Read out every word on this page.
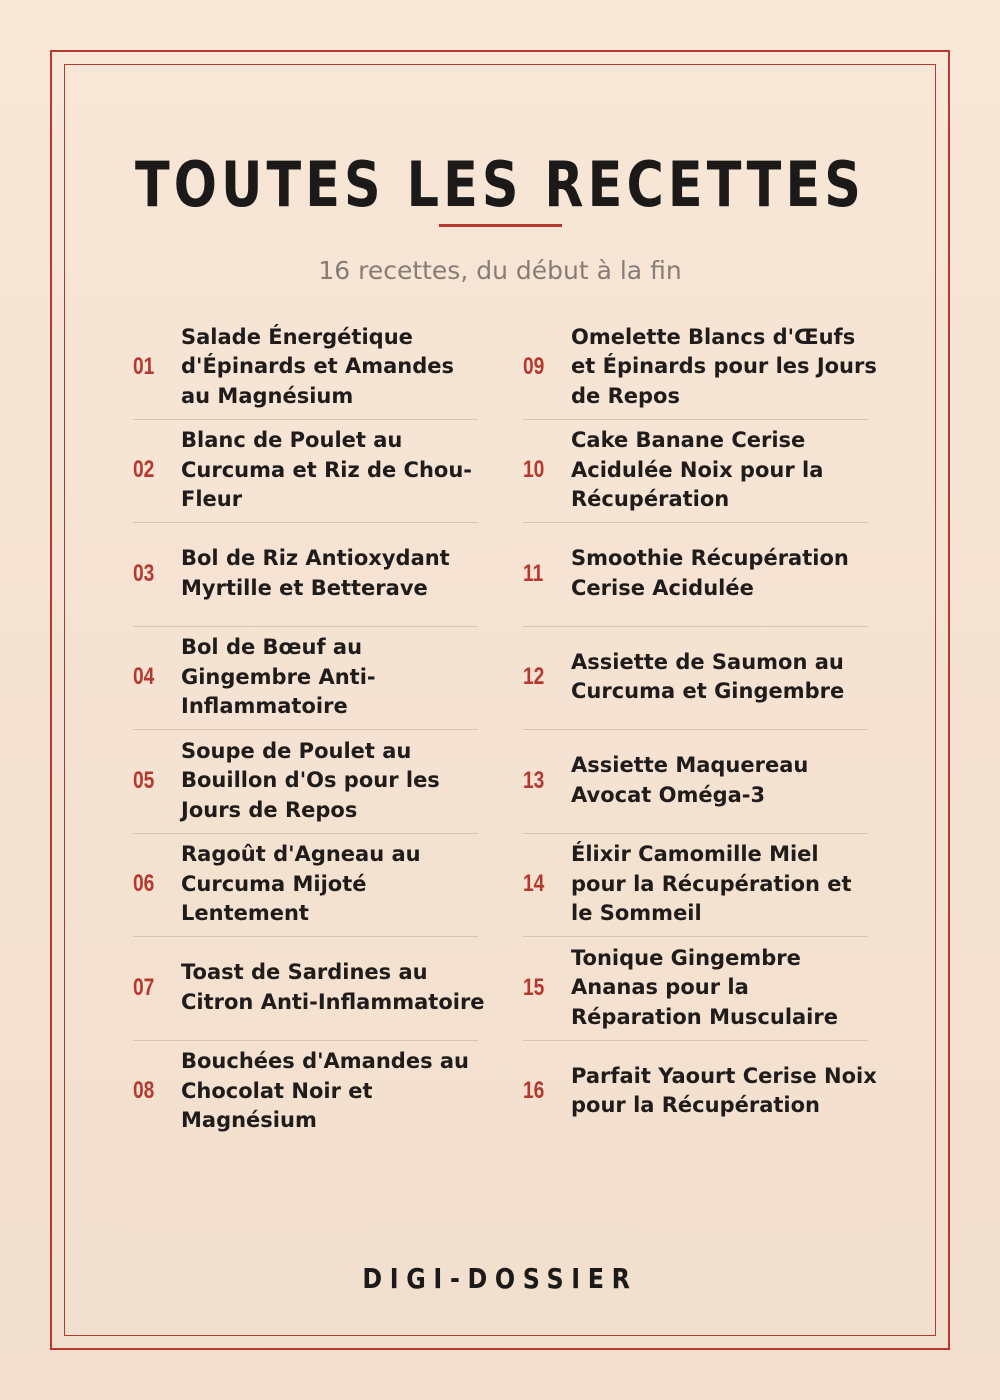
TOUTES LES RECETTES

16 recettes, du début à la fin

01
Salade Énergétique d'Épinards et Amandes au Magnésium
02
Blanc de Poulet au Curcuma et Riz de Chou-Fleur
03
Bol de Riz Antioxydant Myrtille et Betterave
04
Bol de Bœuf au Gingembre Anti-Inflammatoire
05
Soupe de Poulet au Bouillon d'Os pour les Jours de Repos
06
Ragoût d'Agneau au Curcuma Mijoté Lentement
07
Toast de Sardines au Citron Anti-Inflammatoire
08
Bouchées d'Amandes au Chocolat Noir et Magnésium
09
Omelette Blancs d'Œufs et Épinards pour les Jours de Repos
10
Cake Banane Cerise Acidulée Noix pour la Récupération
11
Smoothie Récupération Cerise Acidulée
12
Assiette de Saumon au Curcuma et Gingembre
13
Assiette Maquereau Avocat Oméga-3
14
Élixir Camomille Miel pour la Récupération et le Sommeil
15
Tonique Gingembre Ananas pour la Réparation Musculaire
16
Parfait Yaourt Cerise Noix pour la Récupération
DIGI-DOSSIER
